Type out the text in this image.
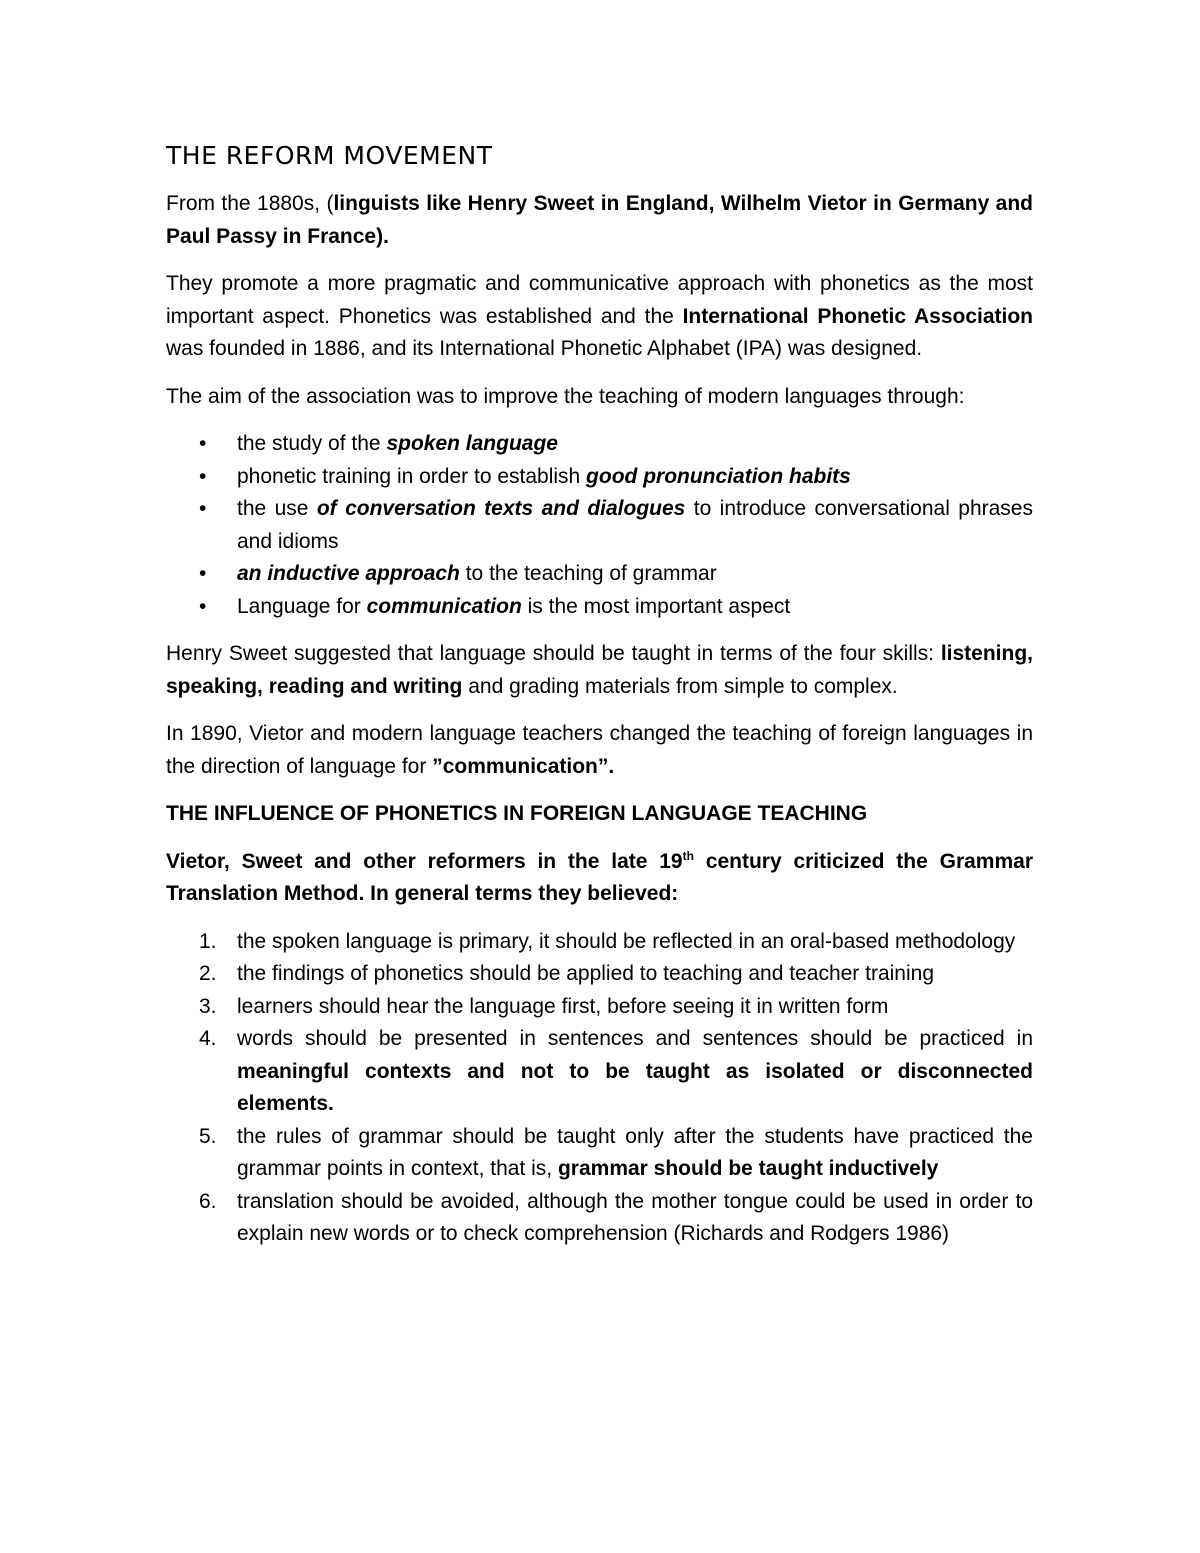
THE REFORM MOVEMENT

From the 1880s, (linguists like Henry Sweet in England, Wilhelm Vietor in Germany and Paul Passy in France).

They promote a more pragmatic and communicative approach with phonetics as the most important aspect. Phonetics was established and the International Phonetic Association was founded in 1886, and its International Phonetic Alphabet (IPA) was designed.

The aim of the association was to improve the teaching of modern languages through:

•	the study of the spoken language
•	phonetic training in order to establish good pronunciation habits
•	the use of conversation texts and dialogues to introduce conversational phrases and idioms
•	an inductive approach to the teaching of grammar
•	Language for communication is the most important aspect

Henry Sweet suggested that language should be taught in terms of the four skills: listening, speaking, reading and writing and grading materials from simple to complex.

In 1890, Vietor and modern language teachers changed the teaching of foreign languages in the direction of language for ”communication”.

THE INFLUENCE OF PHONETICS IN FOREIGN LANGUAGE TEACHING

Vietor, Sweet and other reformers in the late 19th century criticized the Grammar Translation Method. In general terms they believed:

1. the spoken language is primary, it should be reflected in an oral-based methodology
2. the findings of phonetics should be applied to teaching and teacher training
3. learners should hear the language first, before seeing it in written form
4. words should be presented in sentences and sentences should be practiced in meaningful contexts and not to be taught as isolated or disconnected elements.
5. the rules of grammar should be taught only after the students have practiced the grammar points in context, that is, grammar should be taught inductively
6. translation should be avoided, although the mother tongue could be used in order to explain new words or to check comprehension (Richards and Rodgers 1986)
